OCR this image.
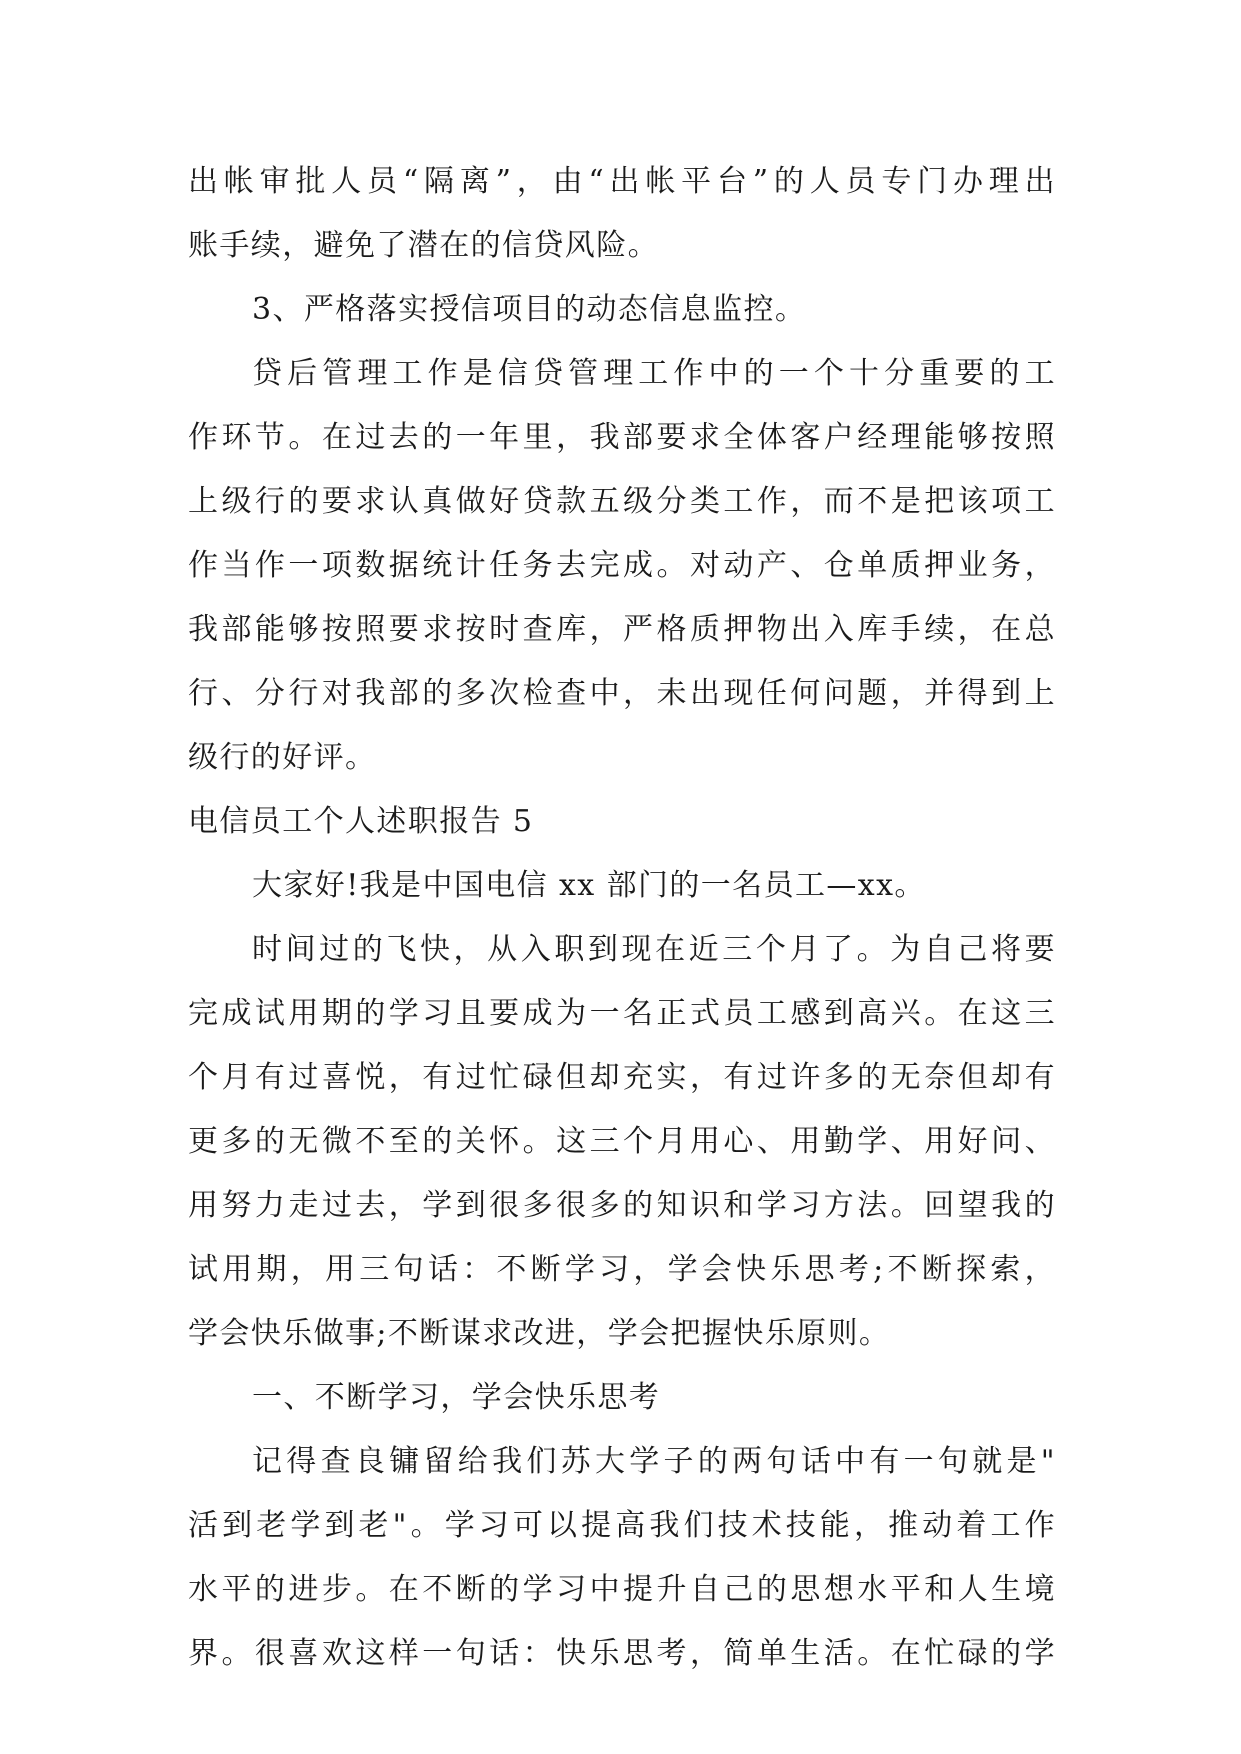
出帐审批人员“隔离”，由“出帐平台”的人员专门办理出
账手续，避免了潜在的信贷风险。
3、严格落实授信项目的动态信息监控。
贷后管理工作是信贷管理工作中的一个十分重要的工
作环节。在过去的一年里，我部要求全体客户经理能够按照
上级行的要求认真做好贷款五级分类工作，而不是把该项工
作当作一项数据统计任务去完成。对动产、仓单质押业务，
我部能够按照要求按时查库，严格质押物出入库手续，在总
行、分行对我部的多次检查中，未出现任何问题，并得到上
级行的好评。
电信员工个人述职报告 5
大家好!我是中国电信 xx 部门的一名员工—xx。
时间过的飞快，从入职到现在近三个月了。为自己将要
完成试用期的学习且要成为一名正式员工感到高兴。在这三
个月有过喜悦，有过忙碌但却充实，有过许多的无奈但却有
更多的无微不至的关怀。这三个月用心、用勤学、用好问、
用努力走过去，学到很多很多的知识和学习方法。回望我的
试用期，用三句话：不断学习，学会快乐思考;不断探索，
学会快乐做事;不断谋求改进，学会把握快乐原则。
一、不断学习，学会快乐思考
记得查良镛留给我们苏大学子的两句话中有一句就是"
活到老学到老"。学习可以提高我们技术技能，推动着工作
水平的进步。在不断的学习中提升自己的思想水平和人生境
界。很喜欢这样一句话：快乐思考，简单生活。在忙碌的学
